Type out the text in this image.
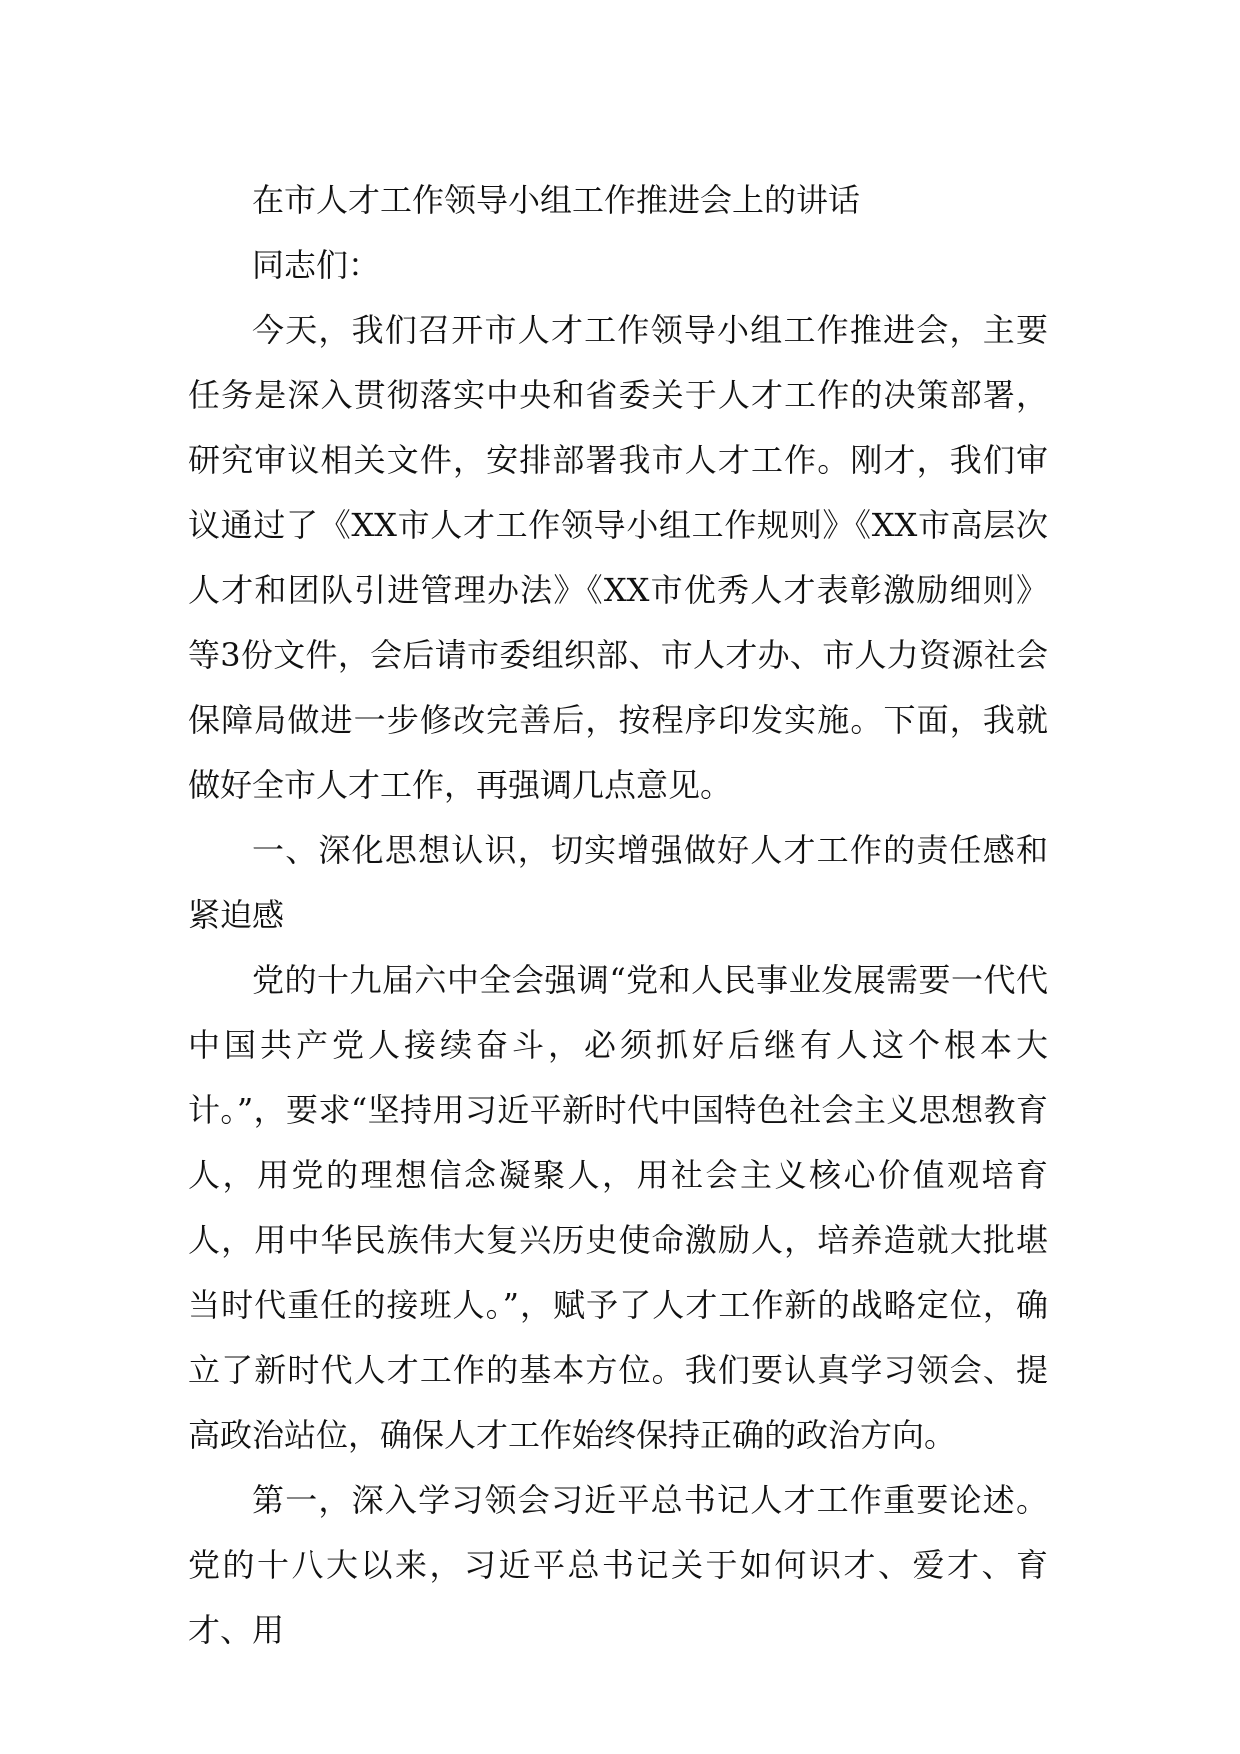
在市人才工作领导小组工作推进会上的讲话

同志们：

今天，我们召开市人才工作领导小组工作推进会，主要任务是深入贯彻落实中央和省委关于人才工作的决策部署，研究审议相关文件，安排部署我市人才工作。刚才，我们审议通过了《XX市人才工作领导小组工作规则》《XX市高层次人才和团队引进管理办法》《XX市优秀人才表彰激励细则》等3份文件，会后请市委组织部、市人才办、市人力资源社会保障局做进一步修改完善后，按程序印发实施。下面，我就做好全市人才工作，再强调几点意见。

一、深化思想认识，切实增强做好人才工作的责任感和紧迫感

党的十九届六中全会强调“党和人民事业发展需要一代代中国共产党人接续奋斗，必须抓好后继有人这个根本大计。”，要求“坚持用习近平新时代中国特色社会主义思想教育人，用党的理想信念凝聚人，用社会主义核心价值观培育人，用中华民族伟大复兴历史使命激励人，培养造就大批堪当时代重任的接班人。”，赋予了人才工作新的战略定位，确立了新时代人才工作的基本方位。我们要认真学习领会、提高政治站位，确保人才工作始终保持正确的政治方向。

第一，深入学习领会习近平总书记人才工作重要论述。党的十八大以来，习近平总书记关于如何识才、爱才、育才、用
